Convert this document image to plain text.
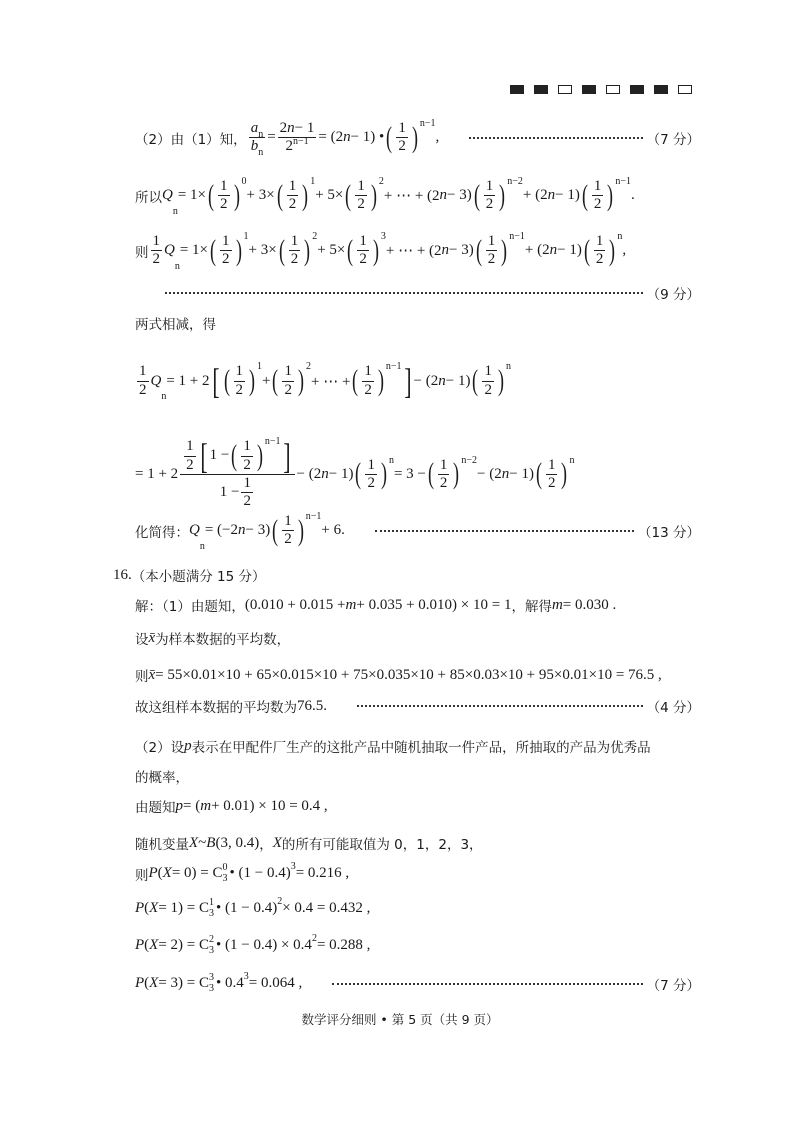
（2）由（1）知， $\frac{\text{a n}}{\text{b n}} = \frac{2 n - 1}{2 n-1} = (2$ n − 1) • ( $\frac{1}{2}$ ) n−1
,	（7 分）
所以 Q
n
= 1× ( $\frac{1}{2}$ ) 0
+ 3× ( $\frac{1}{2}$ ) 1
+ 5× ( $\frac{1}{2}$ ) 2
+ ⋯ + (2 n − 3) ( $\frac{1}{2}$ ) n−2
+ (2 n − 1) ( $\frac{1}{2}$ ) n−1
.
则 $\frac{1}{2}$ Q
n
= 1× ( $\frac{1}{2}$ ) 1
+ 3× ( $\frac{1}{2}$ ) 2
+ 5× ( $\frac{1}{2}$ ) 3
+ ⋯ + (2 n − 3) ( $\frac{1}{2}$ ) n−1
+ (2 n − 1) ( $\frac{1}{2}$ ) n
,
（9 分）
两式相减，得
$\frac{1}{2}$ Q
n
= 1 + 2 [ ( $\frac{1}{2}$ ) 1
+ ( $\frac{1}{2}$ ) 2
+ ⋯ + ( $\frac{1}{2}$ ) n−1 ] − (2 n − 1) ( $\frac{1}{2}$ ) n
= $1 + 2 \frac{\frac{1}{2} [ 1 - ( \frac{1}{2} ) n-1 ]}{1 - \frac{1}{2}} - (2$ n − 1) ( $\frac{1}{2}$ ) n
= 3 − ( $\frac{1}{2}$ ) n−2
− (2 n − 1) ( $\frac{1}{2}$ ) n
化简得： Q
n
= (−2 n − 3) ( $\frac{1}{2}$ ) n−1
+ 6.	（13 分）
16. （本小题满分 15 分）
解：（1）由题知， (0.010 + 0.015 + m + 0.035 + 0.010) × 10 = 1 ，解得 m = 0.030 .
设 x̄ 为样本数据的平均数，
则 x̄ = 55×0.01×10 + 65×0.015×10 + 75×0.035×10 + 85×0.03×10 + 95×0.01×10 = 76.5 ,
故这组样本数据的平均数为 76.5.	（4 分）
（2）设 p 表示在甲配件厂生产的这批产品中随机抽取一件产品，所抽取的产品为优秀品
的概率，
由题知 p = ( m + 0.01) × 10 = 0.4 ,
随机变量 X ~ B (3, 0.4) ， X 的所有可能取值为 0，1，2，3，
则 P ( X = 0) = C 0
3 • (1 − 0.4) 3 = 0.216 ,
P ( X = 1) = C 1
3 • (1 − 0.4) 2 × 0.4 = 0.432 ,
P ( X = 2) = C 2
3 • (1 − 0.4) × 0.4 2 = 0.288 ,
P ( X = 3) = C 3
3 • 0.4 3 = 0.064 ,	（7 分）
数学评分细则 • 第 5 页（共 9 页）
